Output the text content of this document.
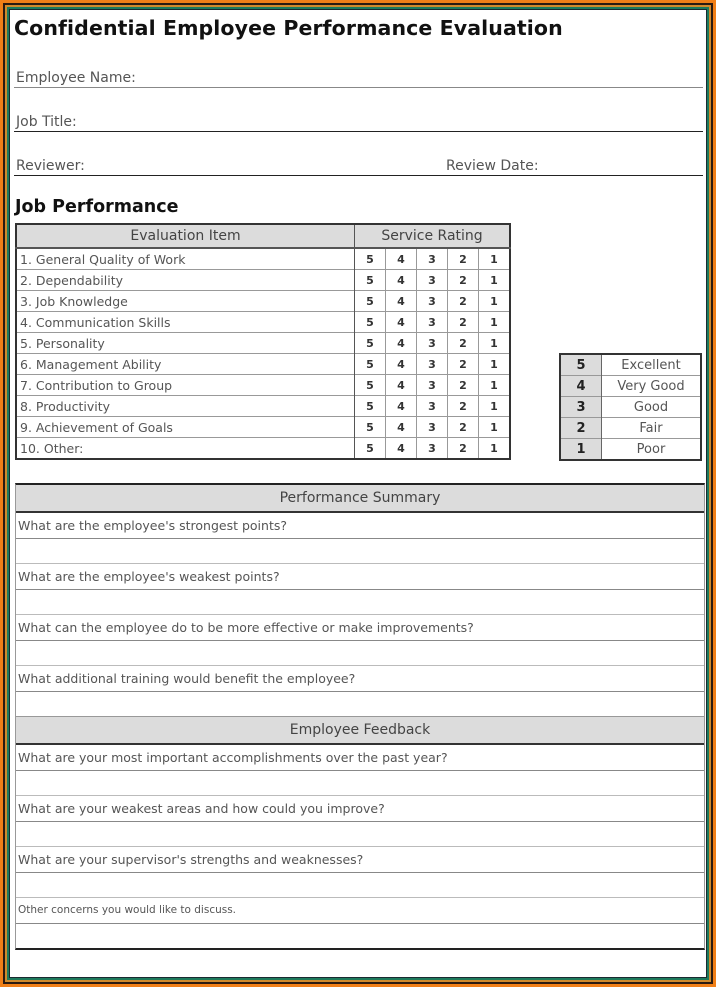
Confidential Employee Performance Evaluation
Employee Name:
Job Title:
Reviewer:	Review Date:
Job Performance
Evaluation Item	Service Rating				
1. General Quality of Work	5	4	3	2	1
2. Dependability	5	4	3	2	1
3. Job Knowledge	5	4	3	2	1
4. Communication Skills	5	4	3	2	1
5. Personality	5	4	3	2	1
6. Management Ability	5	4	3	2	1
7. Contribution to Group	5	4	3	2	1
8. Productivity	5	4	3	2	1
9. Achievement of Goals	5	4	3	2	1
10. Other:	5	4	3	2	1
5	Excellent
4	Very Good
3	Good
2	Fair
1	Poor
Performance Summary
What are the employee's strongest points?
What are the employee's weakest points?
What can the employee do to be more effective or make improvements?
What additional training would benefit the employee?
Employee Feedback
What are your most important accomplishments over the past year?
What are your weakest areas and how could you improve?
What are your supervisor's strengths and weaknesses?
Other concerns you would like to discuss.
